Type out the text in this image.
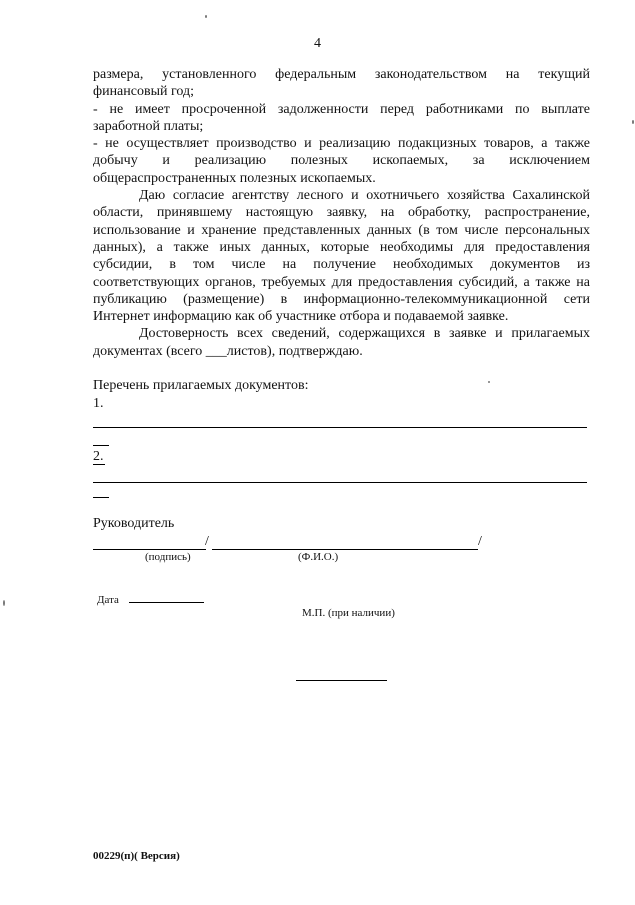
4

размера, установленного федеральным законодательством на текущий финансовый год;

- не имеет просроченной задолженности перед работниками по выплате заработной платы;

- не осуществляет производство и реализацию подакцизных товаров, а также добычу и реализацию полезных ископаемых, за исключением общераспространенных полезных ископаемых.

Даю согласие агентству лесного и охотничьего хозяйства Сахалинской области, принявшему настоящую заявку, на обработку, распространение, использование и хранение представленных данных (в том числе персональных данных), а также иных данных, которые необходимы для предоставления субсидии, в том числе на получение необходимых документов из соответствующих органов, требуемых для предоставления субсидий, а также на публикацию (размещение) в информационно-телекоммуникационной сети Интернет информацию как об участнике отбора и подаваемой заявке.

Достоверность всех сведений, содержащихся в заявке и прилагаемых документах (всего ___листов), подтверждаю.

Перечень прилагаемых документов:
1.
2.
Руководитель
/	/
(подпись)	(Ф.И.О.)
Дата
М.П. (при наличии)
00229(п)( Версия)
